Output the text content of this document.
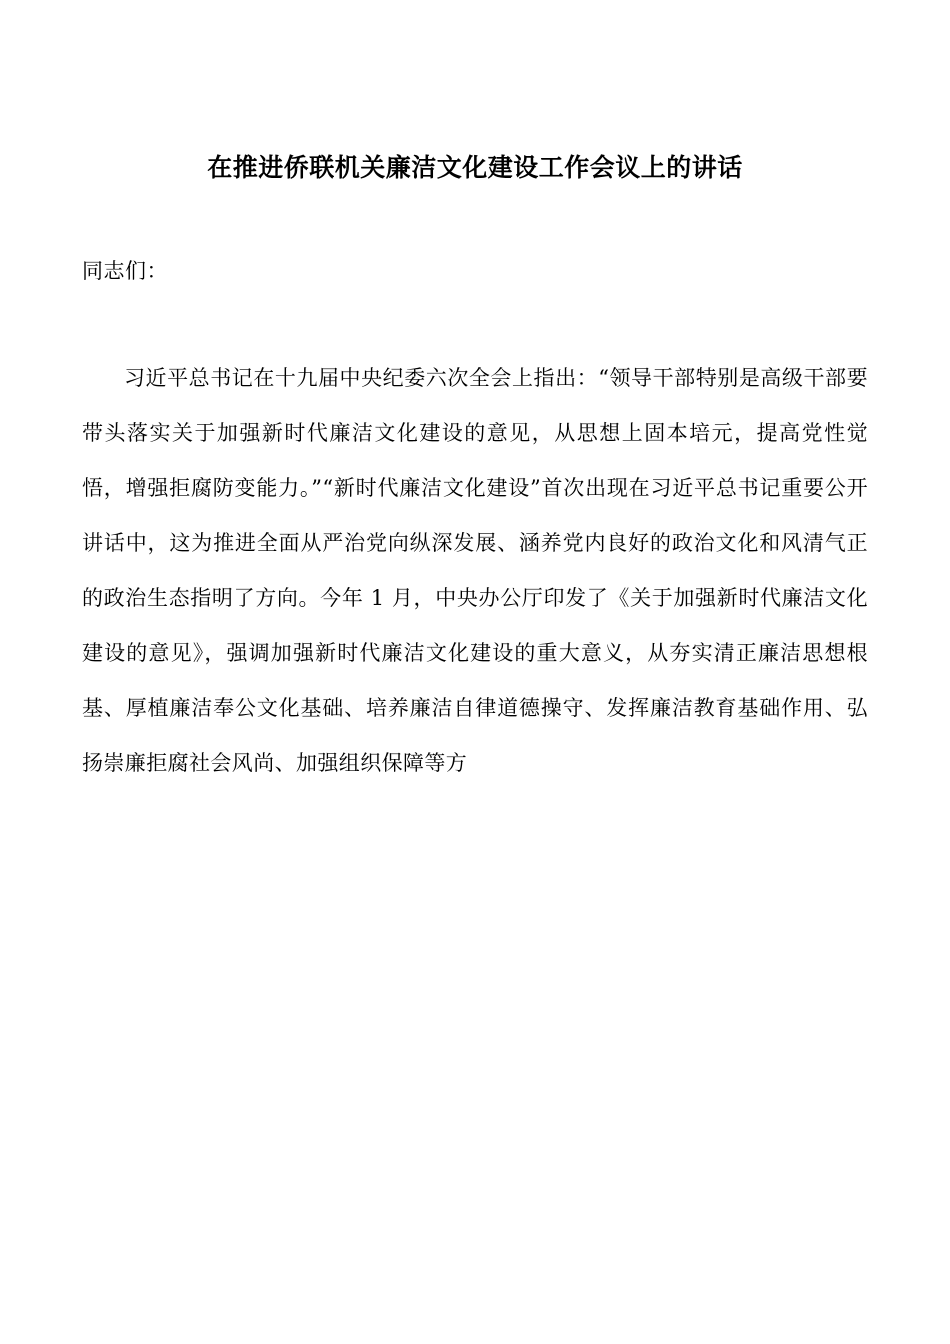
在推进侨联机关廉洁文化建设工作会议上的讲话

同志们：

习近平总书记在十九届中央纪委六次全会上指出：“领导干部特别是高级干部要带头落实关于加强新时代廉洁文化建设的意见，从思想上固本培元，提高党性觉悟，增强拒腐防变能力。”“新时代廉洁文化建设”首次出现在习近平总书记重要公开讲话中，这为推进全面从严治党向纵深发展、涵养党内良好的政治文化和风清气正的政治生态指明了方向。今年 1 月，中央办公厅印发了《关于加强新时代廉洁文化建设的意见》，强调加强新时代廉洁文化建设的重大意义，从夯实清正廉洁思想根基、厚植廉洁奉公文化基础、培养廉洁自律道德操守、发挥廉洁教育基础作用、弘扬崇廉拒腐社会风尚、加强组织保障等方
